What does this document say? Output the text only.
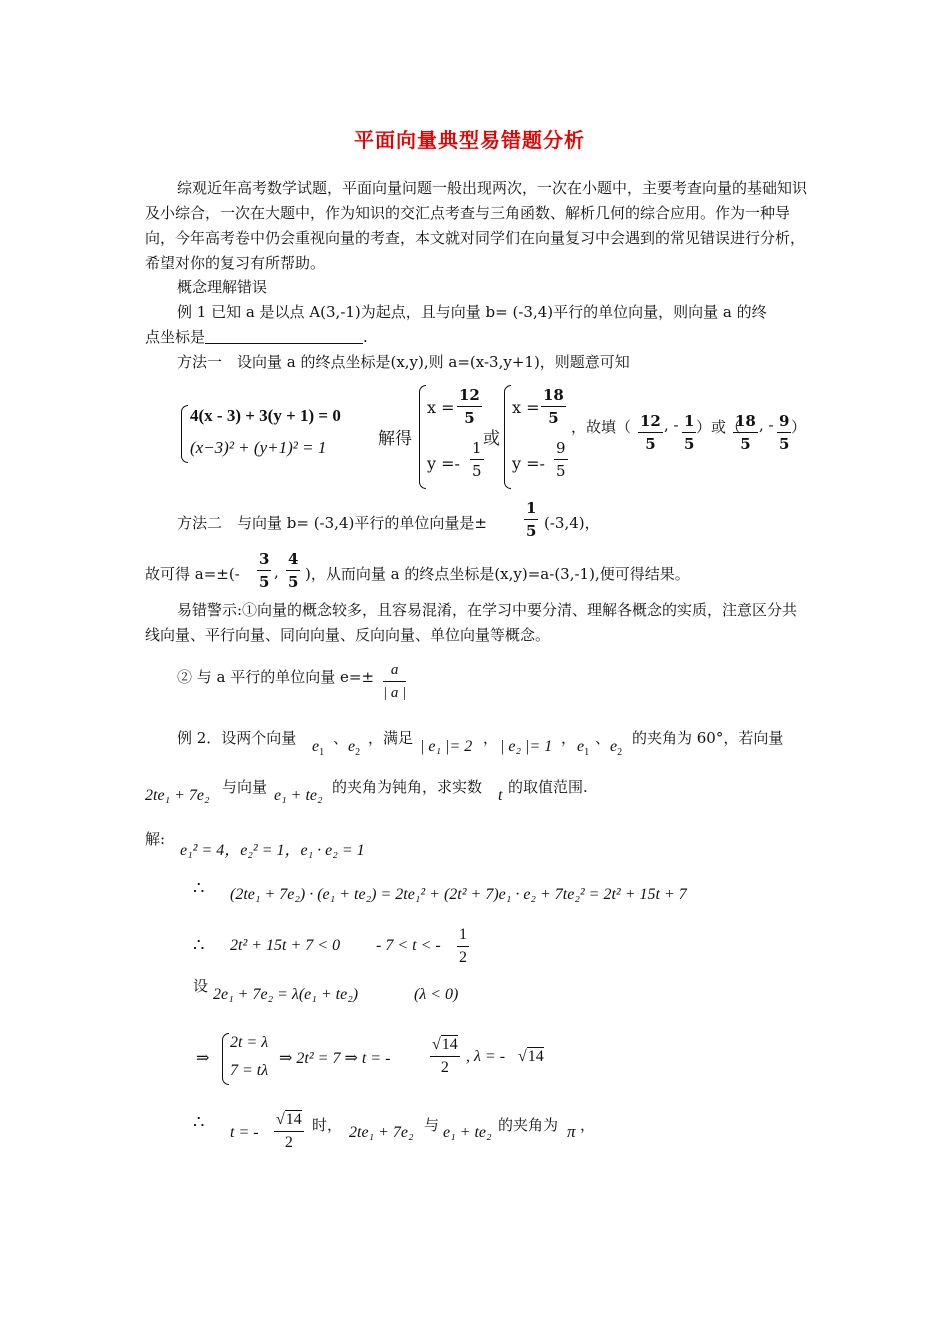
平面向量典型易错题分析
综观近年高考数学试题，平面向量问题一般出现两次，一次在小题中，主要考查向量的基础知识及小综合，一次在大题中，作为知识的交汇点考查与三角函数、解析几何的综合应用。作为一种导向，今年高考卷中仍会重视向量的考查，本文就对同学们在向量复习中会遇到的常见错误进行分析，希望对你的复习有所帮助。
概念理解错误
例 1 已知 a 是以点 A(3,-1)为起点，且与向量 b= (-3,4)平行的单位向量，则向量 a 的终
点坐标是	.
方法一　设向量 a 的终点坐标是(x,y),则 a=(x-3,y+1)，则题意可知
4(x - 3) + 3(y + 1) = 0
(x−3)² + (y+1)² = 1	解得
$x = \frac{12}{5}$
$y =- \frac{1}{5}$ 或
$x = \frac{18}{5}$
$y =- \frac{9}{5}$
，故填（ $\frac{12}{5}$ , - $\frac{1}{5}$ ）或（
$\frac{18}{5}$ , - $\frac{9}{5}$ ）
方法二　与向量 b= (-3,4)平行的单位向量是± $\frac{1}{5} (-3,4)$，
故可得 $a=\pm(- \frac{3}{5}$ , $\frac{4}{5}$ )，从而向量 a 的终点坐标是(x,y)=a-(3,-1),便可得结果。
易错警示:①向量的概念较多，且容易混淆，在学习中要分清、理解各概念的实质，注意区分共线向量、平行向量、同向向量、反向向量、单位向量等概念。
② 与 a 平行的单位向量 $e=\pm \frac{a}{| a |}$
例 2．设两个向量 $e_1$
、 $e_2$
，满足 | e₁ |= 2 ， | e₂ |= 1 ， $e_1$
、 $e_2$
的夹角为 60°，若向量
2te₁ + 7e₂ 与向量 e₁ + te₂ 的夹角为钝角，求实数 t 的取值范围.
解:
e₁² = 4，e₂² = 1，e₁ · e₂ = 1
∴ (2te₁ + 7e₂) · (e₁ + te₂) = 2te₁² + (2t² + 7)e₁ · e₂ + 7te₂² = 2t² + 15t + 7
∴ 2t² + 15t + 7 < 0 - 7 < t < - $\frac{1}{2}$
设 2e₁ + 7e₂ = λ(e₁ + te₂)	(λ < 0)
⇒
2t = λ
7 = tλ
⇒ 2t² = 7 ⇒ t = - $\frac{√14}{2}$ , λ = - √14
∴ t = - $\frac{√14}{2}$ 时， 2te₁ + 7e₂ 与 e₁ + te₂ 的夹角为 π ，
